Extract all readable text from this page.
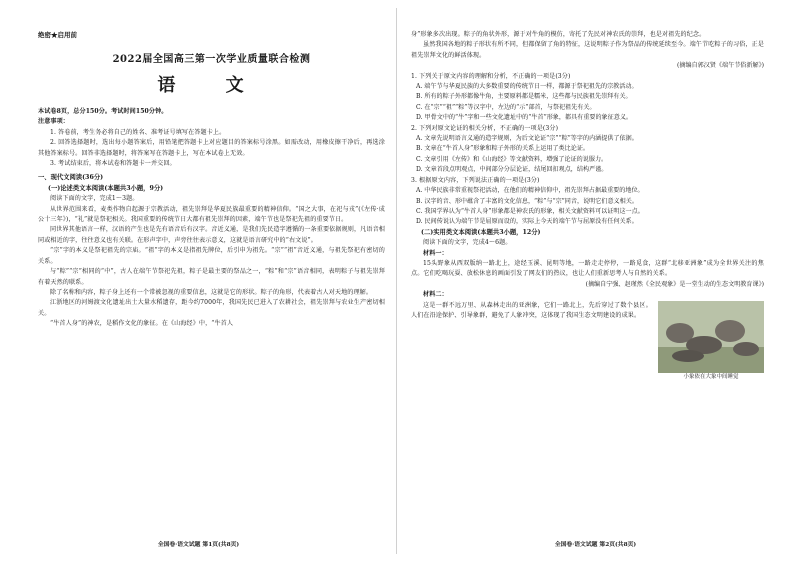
绝密★启用前

2022届全国高三第一次学业质量联合检测

语 文

本试卷8页，总分150分。考试时间150分钟。

注意事项：

1. 答卷前，考生务必将自己的姓名、准考证号填写在答题卡上。

2. 回答选择题时，选出每小题答案后，用铅笔把答题卡上对应题目的答案标号涂黑。如需改动，用橡皮擦干净后，再选涂其他答案标号。回答非选择题时，将答案写在答题卡上，写在本试卷上无效。

3. 考试结束后，将本试卷和答题卡一并交回。

一、现代文阅读(36分)

(一)论述类文本阅读(本题共3小题，9分)

阅读下面的文字，完成1～3题。

从世界范围来看，麦类作物自起源于宗教活动，祖先崇拜是华夏民族最重要的精神信仰。“国之大事，在祀与戎”(《左传·成公十三年》)，“礼”就是祭祀相关。我国重要的传统节日大都有祖先崇拜的因素，端午节也是祭祀先祖的重要节日。

同世界其他语言一样，汉语的产生也是先有语音后有汉字。音近义通，是我们先民造字遵循的一条重要依据规则，凡语音相同或相近的字，往往意义也有关联。在形声字中，声旁往往表示意义，这就是语言研究中的“右文说”。

“宗”字的本义是祭祀祖先的宗庙。“祖”字的本义是指祖先牌位，后引申为祖先。“宗”“祖”音近义通，与祖先祭祀有密切的关系。

与“粽”“宗”相同的“中”，古人在端午节祭祀先祖，粽子是最主要的祭品之一，“粽”和“宗”语音相同，表明粽子与祖先崇拜有着天然的联系。

除了名称和内容，粽子身上还有一个常被忽视的重要信息，这就是它的形状。粽子的角形，代表着古人对天地的理解。

江浙地区的河姆渡文化遗址出土大量水稻遗存，距今约7000年，我国先民已进入了农耕社会，祖先崇拜与农业生产密切相关。

“牛首人身”的神农，是稻作文化的象征。在《山海经》中，“牛首人

全国卷·语文试题 第1页(共8页)

身”形象多次出现。粽子的角状外形，源于对牛角的模仿，寄托了先民对神农氏的崇拜，也是对祖先的纪念。

虽然我国各地的粽子形状有所不同，但都保留了角的特征，这说明粽子作为祭品的传统延续至今。端午节吃粽子的习俗，正是祖先崇拜文化的鲜活体现。

(摘编自郭汉贤《端午节俗新解》)

1. 下列关于原文内容的理解和分析，不正确的一项是(3分)

A. 端午节与华夏民族的大多数重要的传统节日一样，都源于祭祀祖先的宗教活动。

B. 所有的粽子外形都像牛角，主要原料都是糯米，这些都与民族祖先崇拜有关。

C. 在“宗”“祖”“粽”等汉字中，左边的“示”部首，与祭祀祖先有关。

D. 甲骨文中的“牛”字和一些文化遗址中的“牛首”形象，都具有重要的象征意义。

2. 下列对原文论证的相关分析，不正确的一项是(3分)

A. 文章先说明语言义通的造字规则，为后文论证“宗”“粽”等字的内涵提供了依据。

B. 文章在“牛首人身”形象和粽子外形的关系上运用了类比论证。

C. 文章引用《左传》和《山海经》等文献资料，增强了论证的说服力。

D. 文章首段点明观点，中间部分分层论证，结尾回扣观点，结构严谨。

3. 根据原文内容，下列说法正确的一项是(3分)

A. 中华民族非常重视祭祀活动，在他们的精神信仰中，祖先崇拜占据最重要的地位。

B. 汉字的音、形中蕴含了丰富的文化信息，“粽”与“宗”同音，说明它们意义相关。

C. 我国学界认为“牛首人身”形象都是神农氏的形象，相关文献资料可以证明这一点。

D. 民间传说认为端午节是屈原而设的，实际上今天的端午节与屈原没有任何关系。

(二)实用类文本阅读(本题共3小题，12分)

阅读下面的文字，完成4～6题。

材料一：

15头野象从西双版纳一路北上，途经玉溪、昆明等地，一路走走停停，一路觅食，这群“北移亚洲象”成为全世界关注的焦点。它们吃喝玩耍、放松休息的画面引发了网友们的热议，也让人们重新思考人与自然的关系。

(摘编自宁强、赵瑾然《全民观象》是一堂生动的生态文明教育课》)

材料二：

小象依在大象中间睡觉

这是一群不远万里、从森林走出的亚洲象，它们一路北上，先后穿过了数个县区。人们在沿途保护、引导象群，避免了人象冲突，这体现了我国生态文明建设的成果。

全国卷·语文试题 第2页(共8页)
